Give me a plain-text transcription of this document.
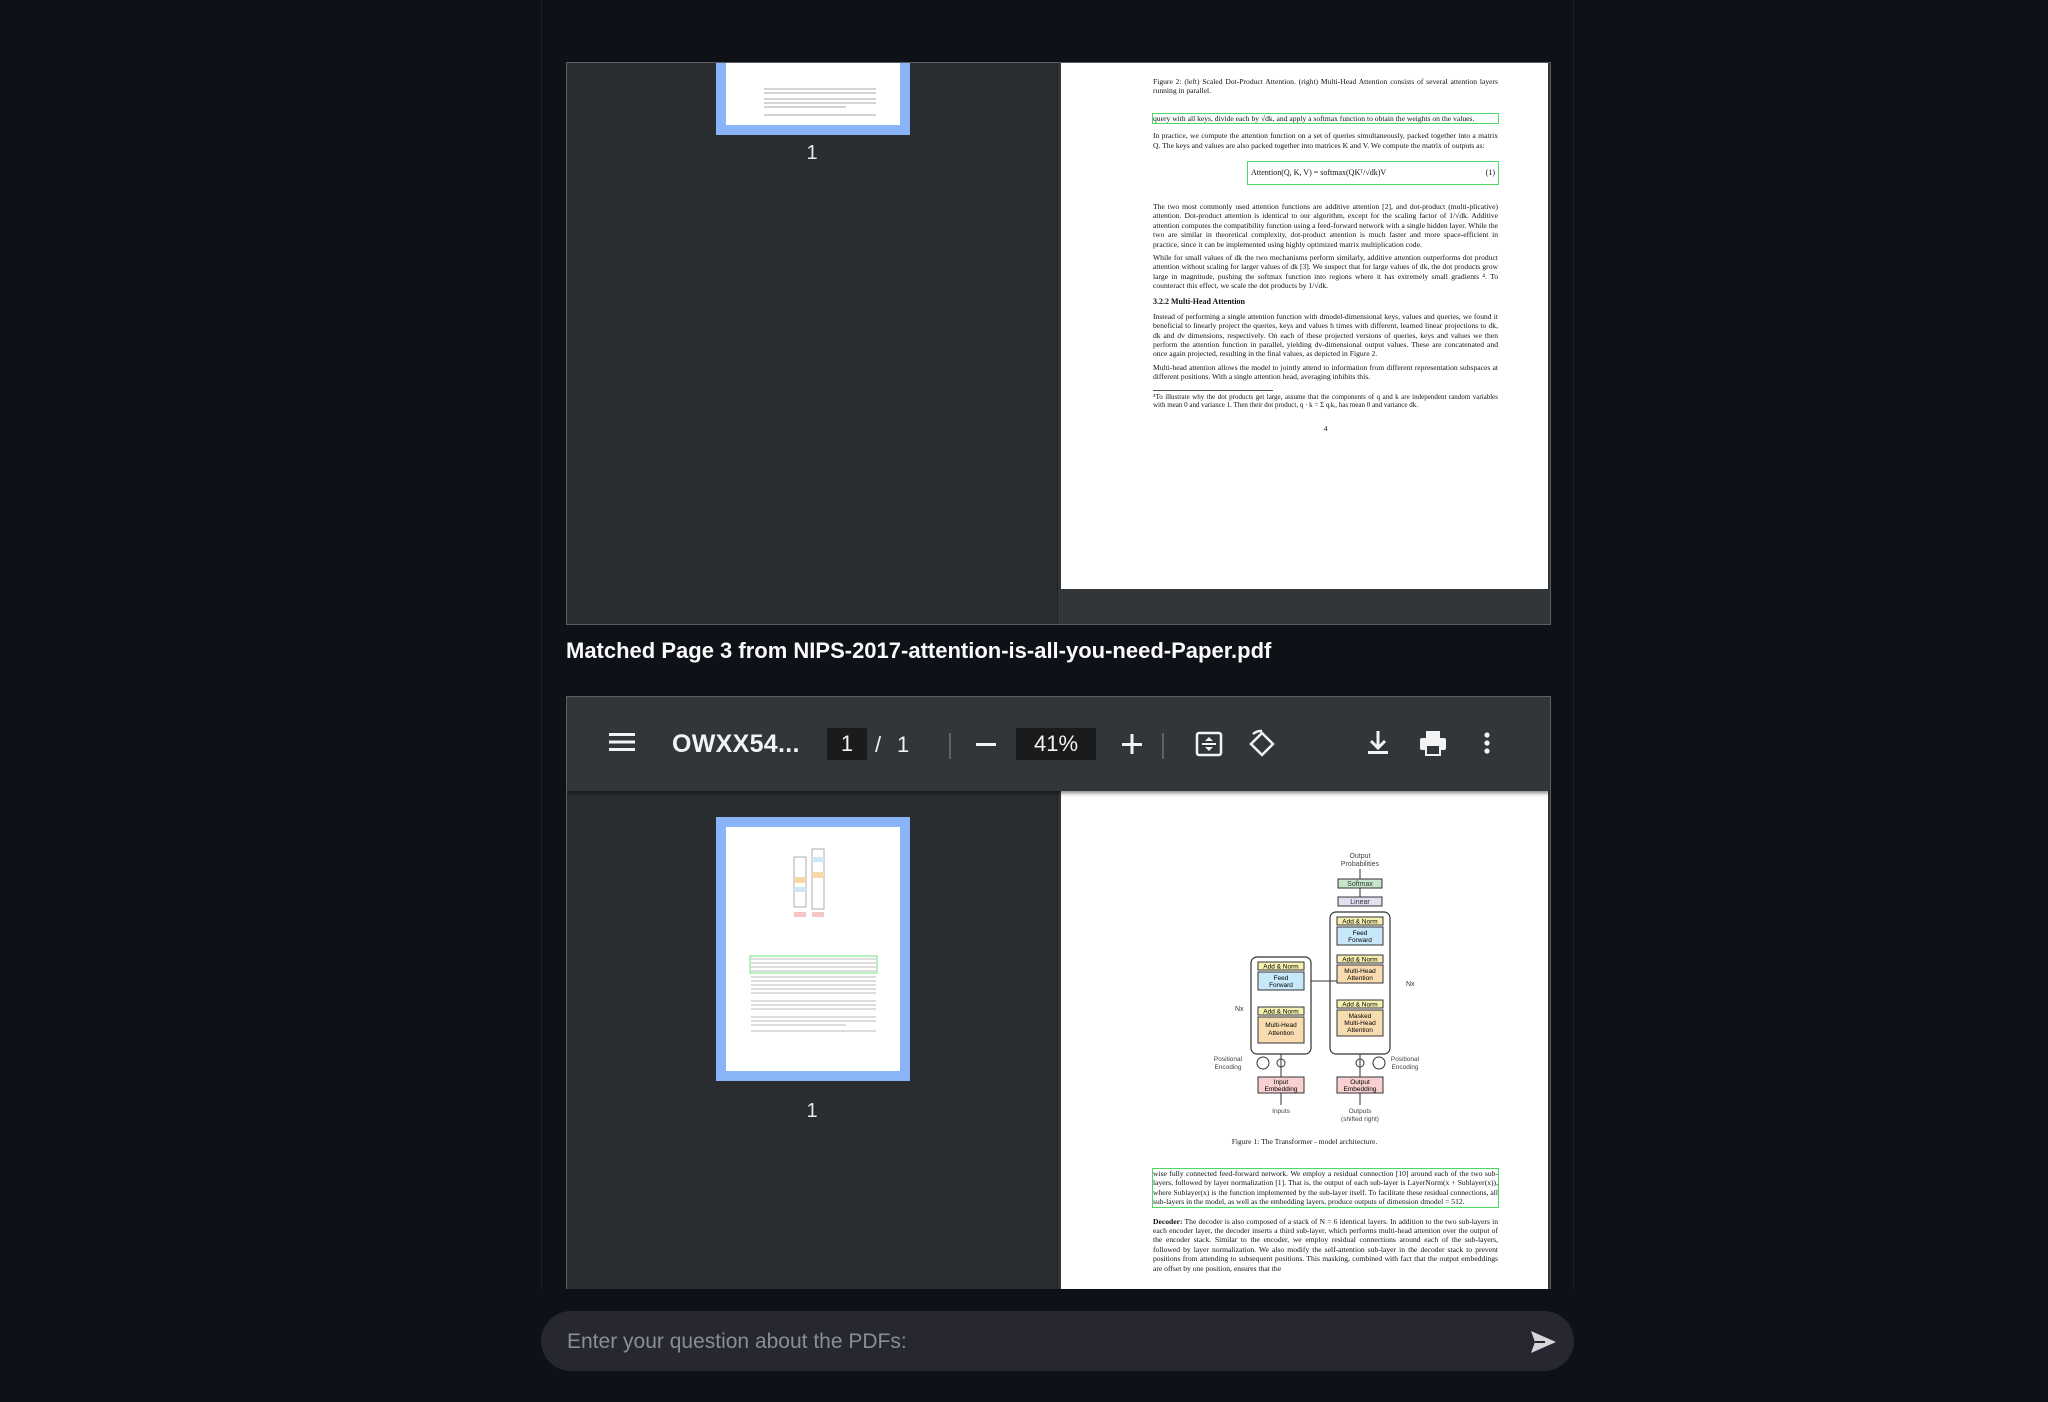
1

Figure 2: (left) Scaled Dot-Product Attention. (right) Multi-Head Attention consists of several attention layers running in parallel.

query with all keys, divide each by √dk, and apply a softmax function to obtain the weights on the values.

In practice, we compute the attention function on a set of queries simultaneously, packed together into a matrix Q. The keys and values are also packed together into matrices K and V. We compute the matrix of outputs as:

Attention(Q, K, V) = softmax(QKᵀ/√dk)V	(1)

The two most commonly used attention functions are additive attention [2], and dot-product (multi-plicative) attention. Dot-product attention is identical to our algorithm, except for the scaling factor of 1/√dk. Additive attention computes the compatibility function using a feed-forward network with a single hidden layer. While the two are similar in theoretical complexity, dot-product attention is much faster and more space-efficient in practice, since it can be implemented using highly optimized matrix multiplication code.

While for small values of dk the two mechanisms perform similarly, additive attention outperforms dot product attention without scaling for larger values of dk [3]. We suspect that for large values of dk, the dot products grow large in magnitude, pushing the softmax function into regions where it has extremely small gradients ⁴. To counteract this effect, we scale the dot products by 1/√dk.

3.2.2 Multi-Head Attention

Instead of performing a single attention function with dmodel-dimensional keys, values and queries, we found it beneficial to linearly project the queries, keys and values h times with different, learned linear projections to dk, dk and dv dimensions, respectively. On each of these projected versions of queries, keys and values we then perform the attention function in parallel, yielding dv-dimensional output values. These are concatenated and once again projected, resulting in the final values, as depicted in Figure 2.

Multi-head attention allows the model to jointly attend to information from different representation subspaces at different positions. With a single attention head, averaging inhibits this.

⁴To illustrate why the dot products get large, assume that the components of q and k are independent random variables with mean 0 and variance 1. Then their dot product, q · k = Σ qᵢkᵢ, has mean 0 and variance dk.

4

Matched Page 3 from NIPS-2017-attention-is-all-you-need-Paper.pdf
OWXX54...	1 / 1	41%
1
Output
Probabilities
Softmax
Linear
Add & Norm
Feed
Forward
Add & Norm
Multi-Head
Attention
Add & Norm
Masked
Multi-Head
Attention
Nx
Add & Norm
Feed
Forward
Add & Norm
Multi-Head
Attention
Nx
Positional
Encoding
Positional
Encoding
Input
Embedding
Output
Embedding
Inputs	Outputs
(shifted right)
Figure 1: The Transformer - model architecture.

wise fully connected feed-forward network. We employ a residual connection [10] around each of the two sub-layers, followed by layer normalization [1]. That is, the output of each sub-layer is LayerNorm(x + Sublayer(x)), where Sublayer(x) is the function implemented by the sub-layer itself. To facilitate these residual connections, all sub-layers in the model, as well as the embedding layers, produce outputs of dimension dmodel = 512.

Decoder: The decoder is also composed of a stack of N = 6 identical layers. In addition to the two sub-layers in each encoder layer, the decoder inserts a third sub-layer, which performs multi-head attention over the output of the encoder stack. Similar to the encoder, we employ residual connections around each of the sub-layers, followed by layer normalization. We also modify the self-attention sub-layer in the decoder stack to prevent positions from attending to subsequent positions. This masking, combined with fact that the output embeddings are offset by one position, ensures that the

Enter your question about the PDFs:
